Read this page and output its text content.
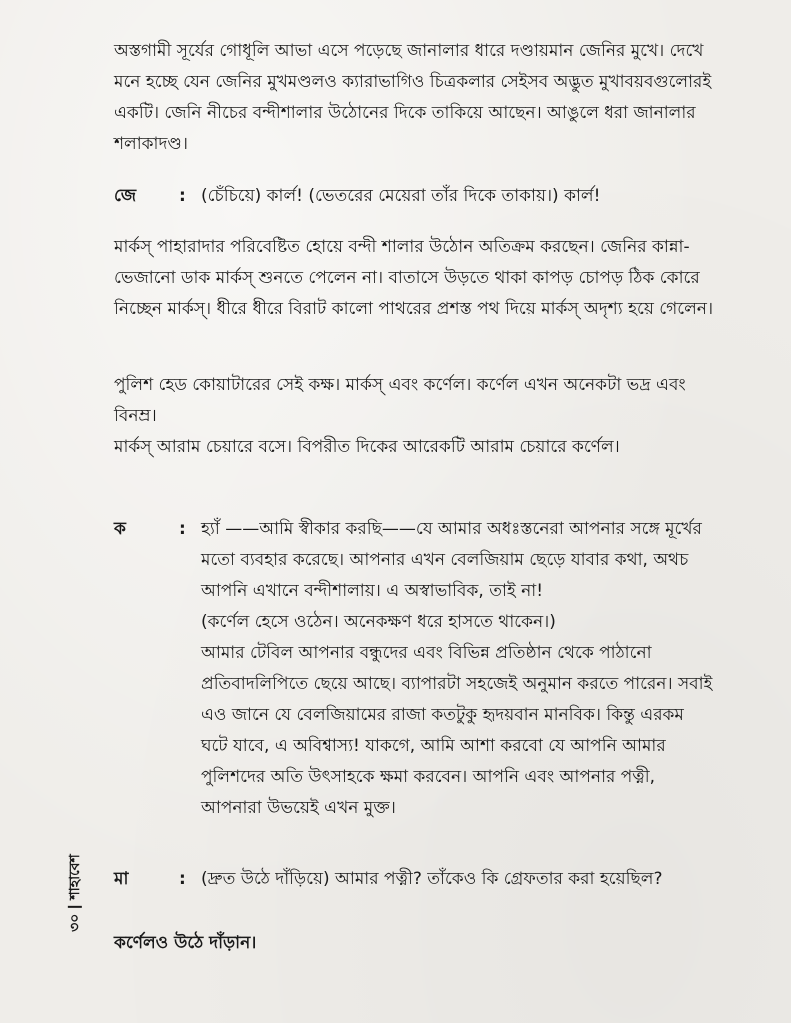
অস্তগামী সূর্যের গোধূলি আভা এসে পড়েছে জানালার ধারে দণ্ডায়মান জেনির মুখে। দেখে মনে হচ্ছে যেন জেনির মুখমণ্ডলও ক্যারাভাগিও চিত্রকলার সেইসব অদ্ভুত মুখাবয়বগুলোরই একটি। জেনি নীচের বন্দীশালার উঠোনের দিকে তাকিয়ে আছেন। আঙুলে ধরা জানালার শলাকাদণ্ড।

জে	: (চেঁচিয়ে) কার্ল! (ভেতরের মেয়েরা তাঁর দিকে তাকায়।) কার্ল!

মার্কস্‌ পাহারাদার পরিবেষ্টিত হোয়ে বন্দী শালার উঠোন অতিক্রম করছেন। জেনির কান্না-ভেজানো ডাক মার্কস্‌ শুনতে পেলেন না। বাতাসে উড়তে থাকা কাপড় চোপড় ঠিক কোরে নিচ্ছেন মার্কস্‌। ধীরে ধীরে বিরাট কালো পাথরের প্রশস্ত পথ দিয়ে মার্কস্‌ অদৃশ্য হয়ে গেলেন।

পুলিশ হেড কোয়াটারের সেই কক্ষ। মার্কস্‌ এবং কর্ণেল। কর্ণেল এখন অনেকটা ভদ্র এবং বিনম্র।

মার্কস্‌ আরাম চেয়ারে বসে। বিপরীত দিকের আরেকটি আরাম চেয়ারে কর্ণেল।

ক	: হ্যাঁ ——আমি স্বীকার করছি——যে আমার অধঃস্তনেরা আপনার সঙ্গে মূর্খের মতো ব্যবহার করেছে। আপনার এখন বেলজিয়াম ছেড়ে যাবার কথা, অথচ আপনি এখানে বন্দীশালায়। এ অস্বাভাবিক, তাই না!

(কর্ণেল হেসে ওঠেন। অনেকক্ষণ ধরে হাসতে থাকেন।)

আমার টেবিল আপনার বন্ধুদের এবং বিভিন্ন প্রতিষ্ঠান থেকে পাঠানো প্রতিবাদলিপিতে ছেয়ে আছে। ব্যাপারটা সহজেই অনুমান করতে পারেন। সবাই এও জানে যে বেলজিয়ামের রাজা কতটুকু হৃদয়বান মানবিক। কিন্তু এরকম ঘটে যাবে, এ অবিশ্বাস্য! যাকগে, আমি আশা করবো যে আপনি আমার পুলিশদের অতি উৎসাহকে ক্ষমা করবেন। আপনি এবং আপনার পত্নী, আপনারা উভয়েই এখন মুক্ত।

মা	: (দ্রুত উঠে দাঁড়িয়ে) আমার পত্নী? তাঁকেও কি গ্রেফতার করা হয়েছিল?
কর্ণেলও উঠে দাঁড়ান।
৩০
শাহাবেশ
